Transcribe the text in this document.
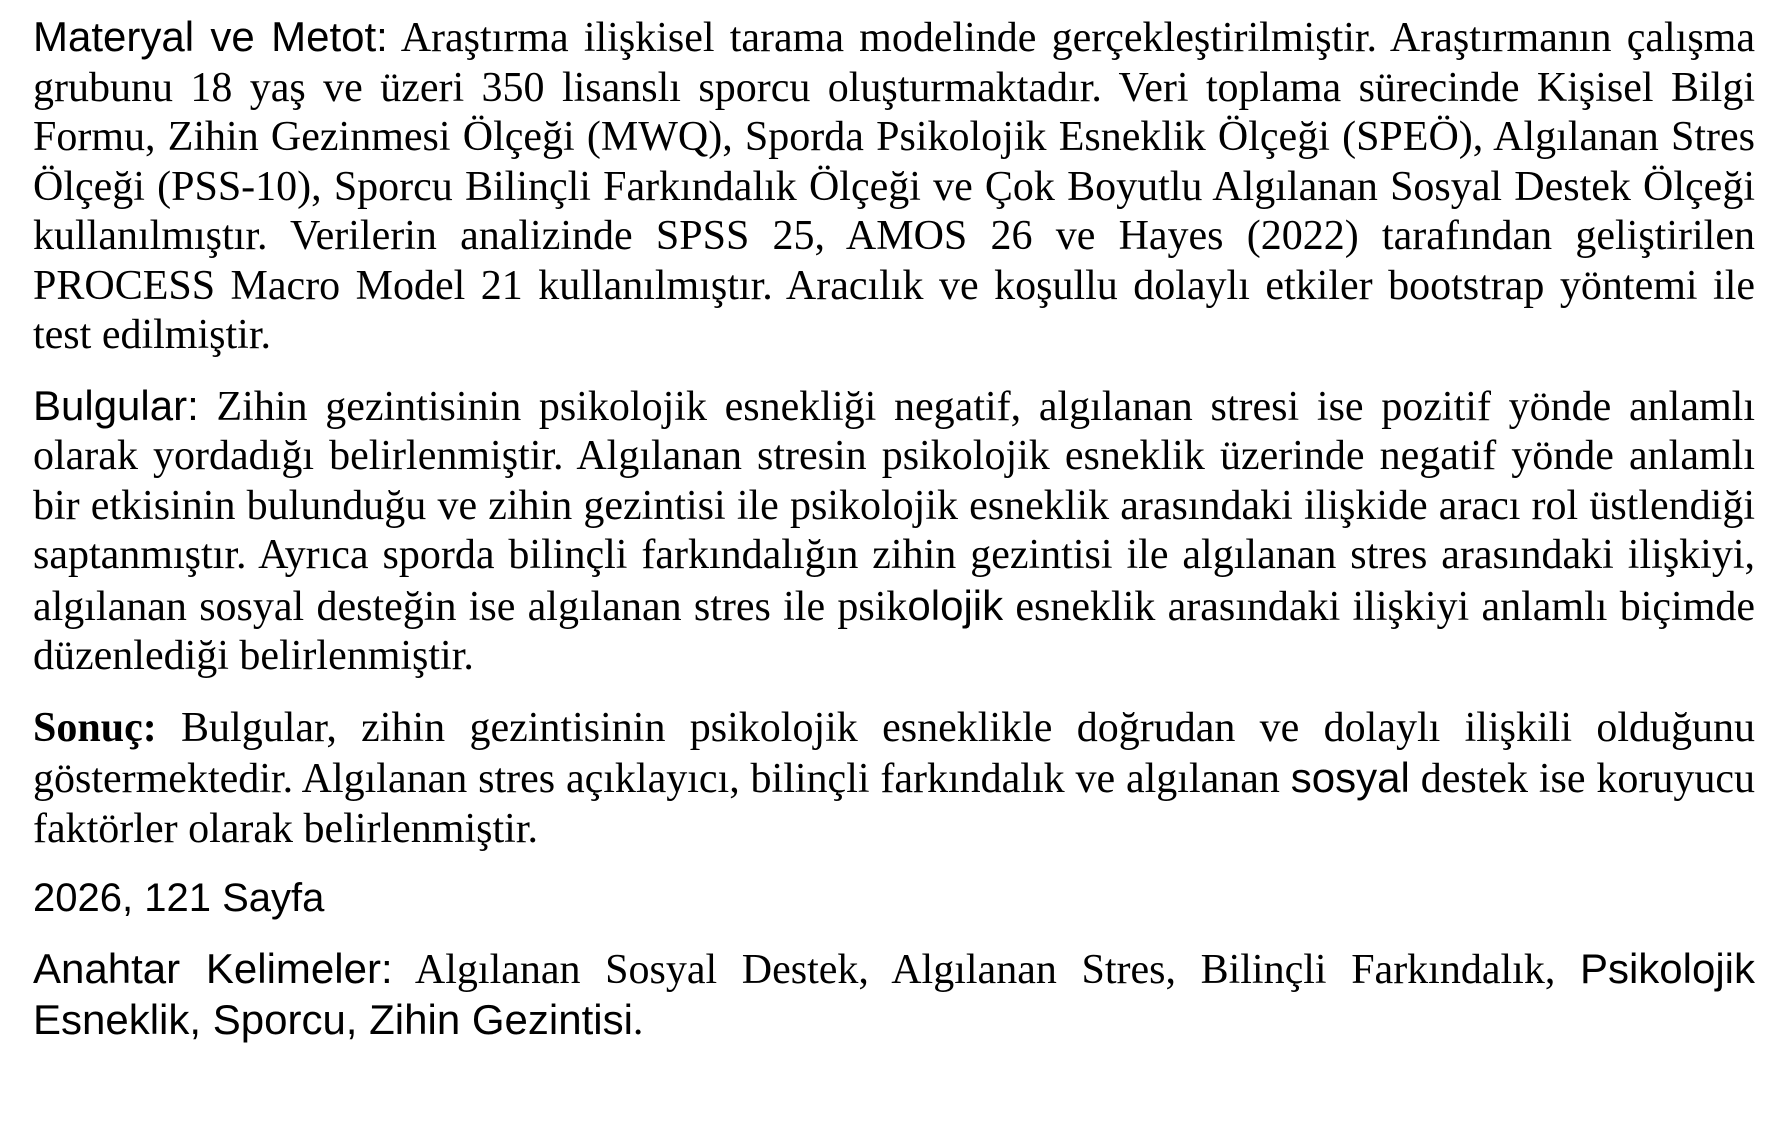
Materyal ve Metot: Araştırma ilişkisel tarama modelinde gerçekleştirilmiştir. Araştırmanın çalışma grubunu 18 yaş ve üzeri 350 lisanslı sporcu oluşturmaktadır. Veri toplama sürecinde Kişisel Bilgi Formu, Zihin Gezinmesi Ölçeği (MWQ), Sporda Psikolojik Esneklik Ölçeği (SPEÖ), Algılanan Stres Ölçeği (PSS-10), Sporcu Bilinçli Farkındalık Ölçeği ve Çok Boyutlu Algılanan Sosyal Destek Ölçeği kullanılmıştır. Verilerin analizinde SPSS 25, AMOS 26 ve Hayes (2022) tarafından geliştirilen PROCESS Macro Model 21 kullanılmıştır. Aracılık ve koşullu dolaylı etkiler bootstrap yöntemi ile test edilmiştir.

Bulgular: Zihin gezintisinin psikolojik esnekliği negatif, algılanan stresi ise pozitif yönde anlamlı olarak yordadığı belirlenmiştir. Algılanan stresin psikolojik esneklik üzerinde negatif yönde anlamlı bir etkisinin bulunduğu ve zihin gezintisi ile psikolojik esneklik arasındaki ilişkide aracı rol üstlendiği saptanmıştır. Ayrıca sporda bilinçli farkındalığın zihin gezintisi ile algılanan stres arasındaki ilişkiyi, algılanan sosyal desteğin ise algılanan stres ile psikolojik esneklik arasındaki ilişkiyi anlamlı biçimde düzenlediği belirlenmiştir.

Sonuç: Bulgular, zihin gezintisinin psikolojik esneklikle doğrudan ve dolaylı ilişkili olduğunu göstermektedir. Algılanan stres açıklayıcı, bilinçli farkındalık ve algılanan sosyal destek ise koruyucu faktörler olarak belirlenmiştir.

2026, 121 Sayfa

Anahtar Kelimeler: Algılanan Sosyal Destek, Algılanan Stres, Bilinçli Farkındalık, Psikolojik Esneklik, Sporcu, Zihin Gezintisi.
